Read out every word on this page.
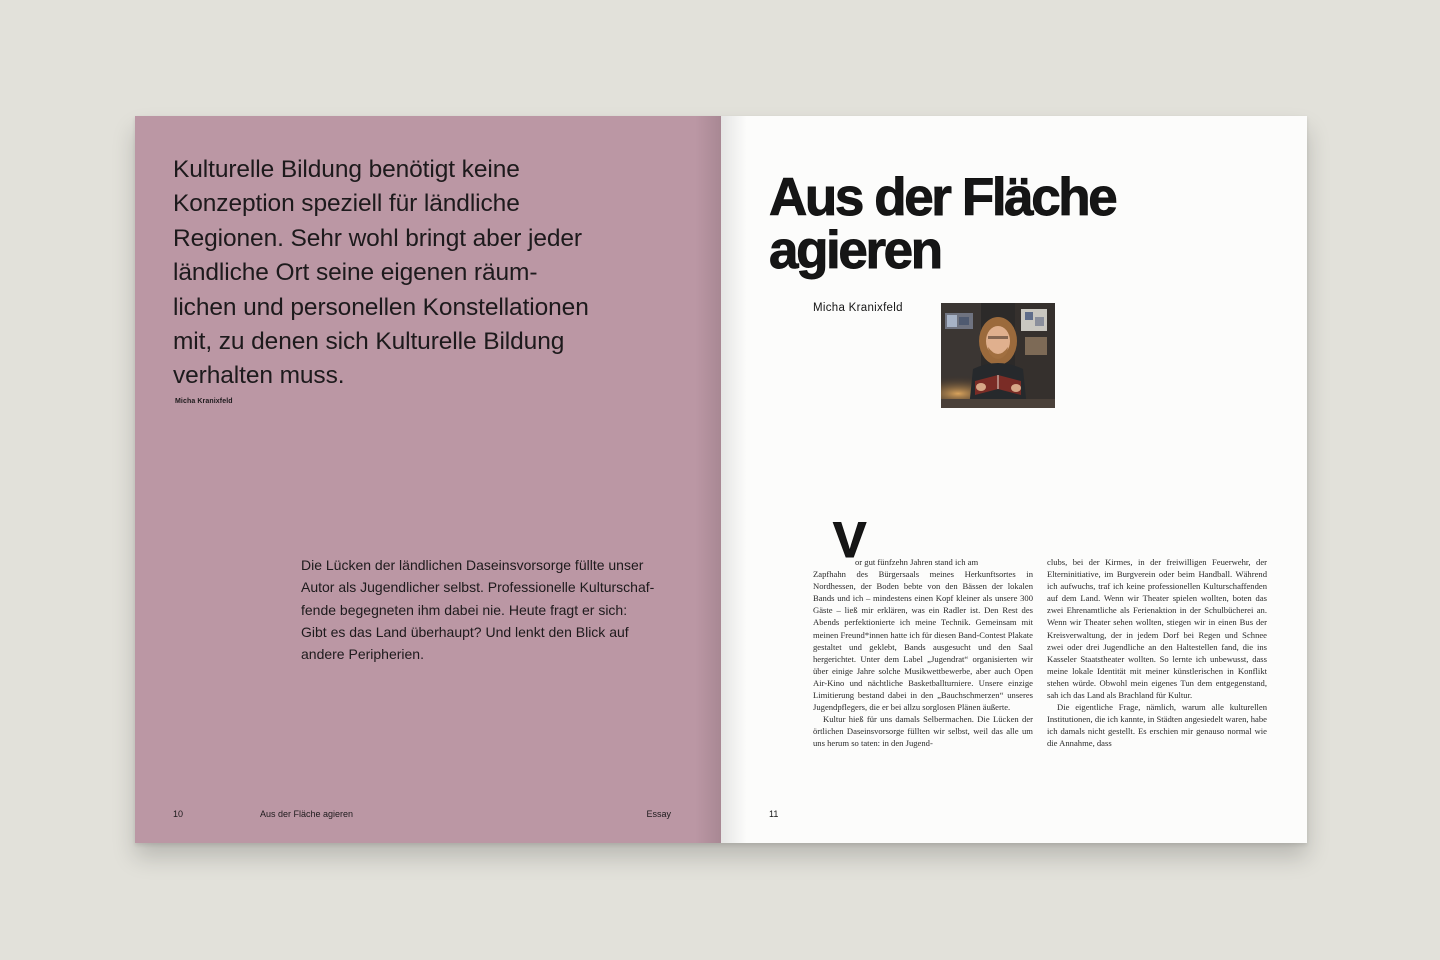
Kulturelle Bildung benötigt keine
Konzeption speziell für ländliche
Regionen. Sehr wohl bringt aber jeder
ländliche Ort seine eigenen räum-
lichen und personellen Konstellationen
mit, zu denen sich Kulturelle Bildung
verhalten muss.
Micha Kranixfeld

Die Lücken der ländlichen Daseinsvorsorge füllte unser
Autor als Jugendlicher selbst. Professionelle Kulturschaf-
fende begegneten ihm dabei nie. Heute fragt er sich:
Gibt es das Land überhaupt? Und lenkt den Blick auf
andere Peripherien.

10	Aus der Fläche agieren	Essay
Aus der Fläche
agieren
Micha Kranixfeld
V

or gut fünfzehn Jahren stand ich am
Zapfhahn des Bürgersaals meines Herkunftsortes in Nordhessen, der Boden bebte von den Bässen der lokalen Bands und ich – mindestens einen Kopf kleiner als unsere 300 Gäste – ließ mir erklären, was ein Radler ist. Den Rest des Abends perfektionierte ich meine Technik. Gemeinsam mit meinen Freund*innen hatte ich für diesen Band-Contest Plakate gestaltet und geklebt, Bands ausgesucht und den Saal hergerichtet. Unter dem Label „Jugendrat“ organisierten wir über einige Jahre solche Musikwettbewerbe, aber auch Open Air-Kino und nächtliche Basketballturniere. Unsere einzige Limitierung bestand dabei in den „Bauchschmerzen“ unseres Jugendpflegers, die er bei allzu sorglosen Plänen äußerte.

Kultur hieß für uns damals Selbermachen. Die Lücken der örtlichen Daseinsvorsorge füllten wir selbst, weil das alle um uns herum so taten: in den Jugend-

clubs, bei der Kirmes, in der freiwilligen Feuerwehr, der Elterninitiative, im Burgverein oder beim Handball. Während ich aufwuchs, traf ich keine professionellen Kulturschaffenden auf dem Land. Wenn wir Theater spielen wollten, boten das zwei Ehrenamtliche als Ferienaktion in der Schulbücherei an. Wenn wir Theater sehen wollten, stiegen wir in einen Bus der Kreisverwaltung, der in jedem Dorf bei Regen und Schnee zwei oder drei Jugendliche an den Haltestellen fand, die ins Kasseler Staatstheater wollten. So lernte ich unbewusst, dass meine lokale Identität mit meiner künstlerischen in Konflikt stehen würde. Obwohl mein eigenes Tun dem entgegenstand, sah ich das Land als Brachland für Kultur.

Die eigentliche Frage, nämlich, warum alle kulturellen Institutionen, die ich kannte, in Städten angesiedelt waren, habe ich damals nicht gestellt. Es erschien mir genauso normal wie die Annahme, dass

11
